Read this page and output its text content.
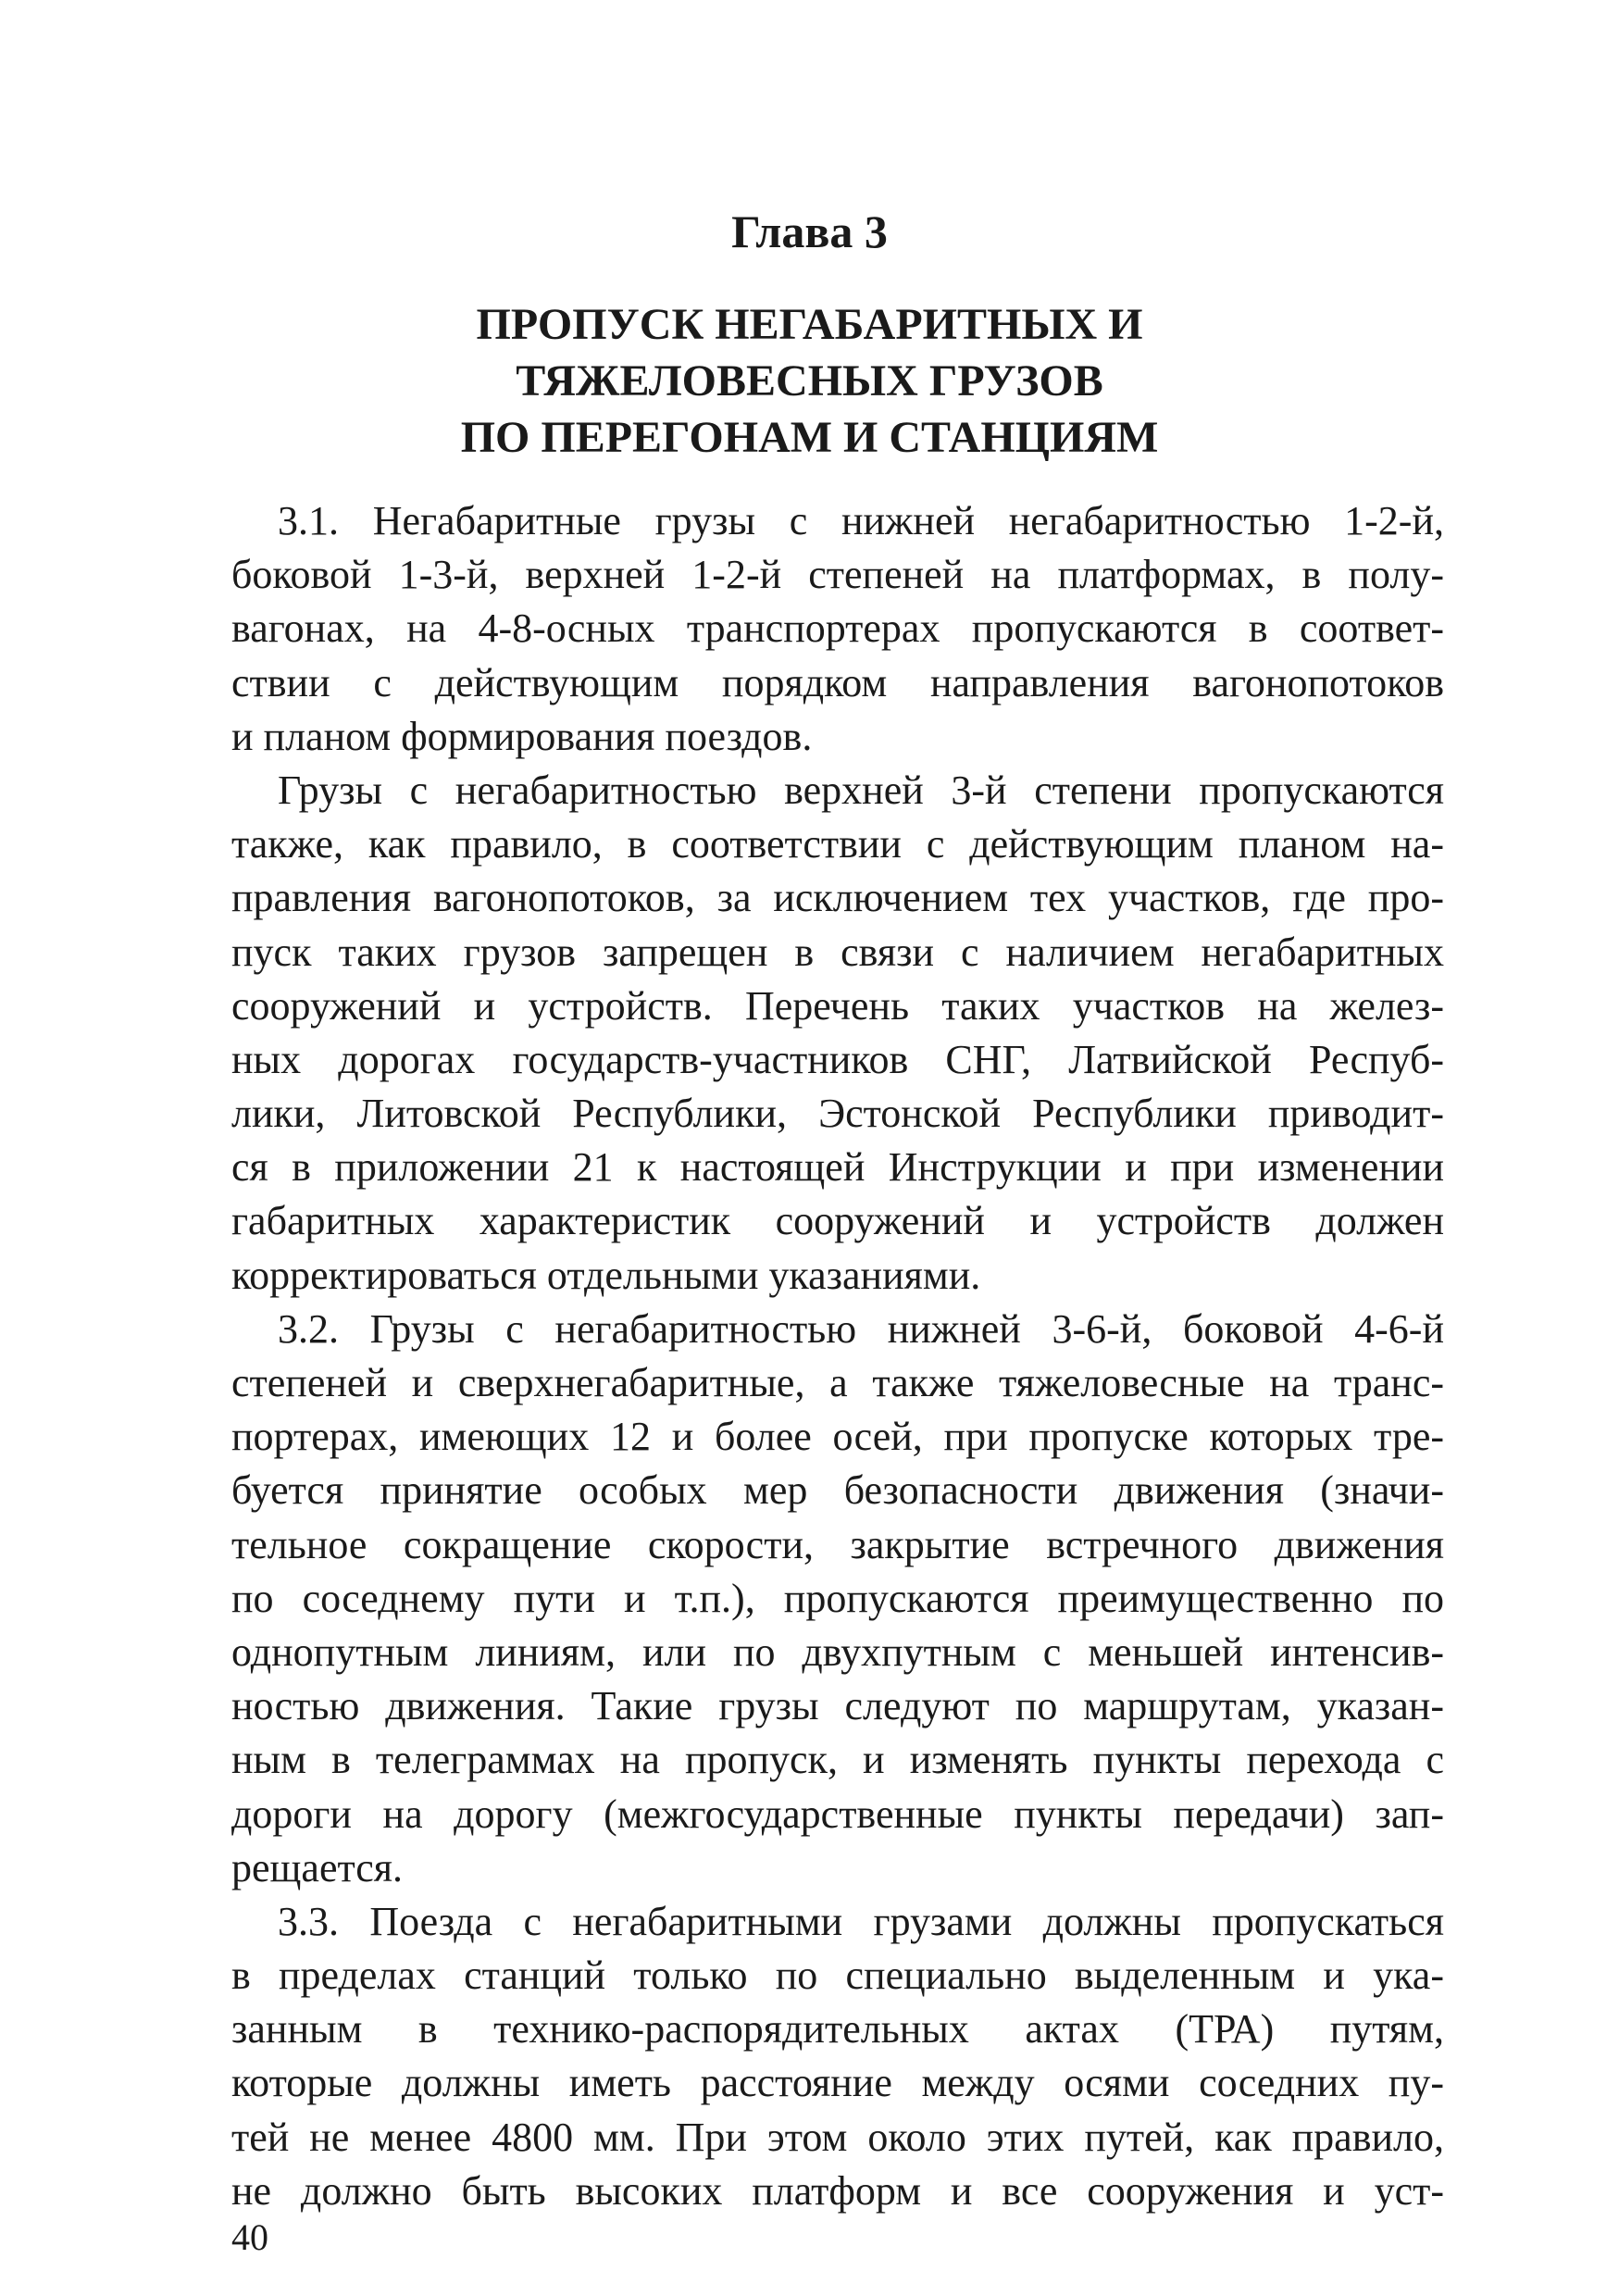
Глава 3
ПРОПУСК НЕГАБАРИТНЫХ И
ТЯЖЕЛОВЕСНЫХ ГРУЗОВ
ПО ПЕРЕГОНАМ И СТАНЦИЯМ
3.1. Негабаритные грузы с нижней негабаритностью 1-2-й,
боковой 1-3-й, верхней 1-2-й степеней на платформах, в полу-
вагонах, на 4-8-осных транспортерах пропускаются в соответ-
ствии с действующим порядком направления вагонопотоков
и планом формирования поездов.
Грузы с негабаритностью верхней 3-й степени пропускаются
также, как правило, в соответствии с действующим планом на-
правления вагонопотоков, за исключением тех участков, где про-
пуск таких грузов запрещен в связи с наличием негабаритных
сооружений и устройств. Перечень таких участков на желез-
ных дорогах государств-участников СНГ, Латвийской Респуб-
лики, Литовской Республики, Эстонской Республики приводит-
ся в приложении 21 к настоящей Инструкции и при изменении
габаритных характеристик сооружений и устройств должен
корректироваться отдельными указаниями.
3.2. Грузы с негабаритностью нижней 3-6-й, боковой 4-6-й
степеней и сверхнегабаритные, а также тяжеловесные на транс-
портерах, имеющих 12 и более осей, при пропуске которых тре-
буется принятие особых мер безопасности движения (значи-
тельное сокращение скорости, закрытие встречного движения
по соседнему пути и т.п.), пропускаются преимущественно по
однопутным линиям, или по двухпутным с меньшей интенсив-
ностью движения. Такие грузы следуют по маршрутам, указан-
ным в телеграммах на пропуск, и изменять пункты перехода с
дороги на дорогу (межгосударственные пункты передачи) зап-
рещается.
3.3. Поезда с негабаритными грузами должны пропускаться
в пределах станций только по специально выделенным и ука-
занным в технико-распорядительных актах (ТРА) путям,
которые должны иметь расстояние между осями соседних пу-
тей не менее 4800 мм. При этом около этих путей, как правило,
не должно быть высоких платформ и все сооружения и уст-
40
